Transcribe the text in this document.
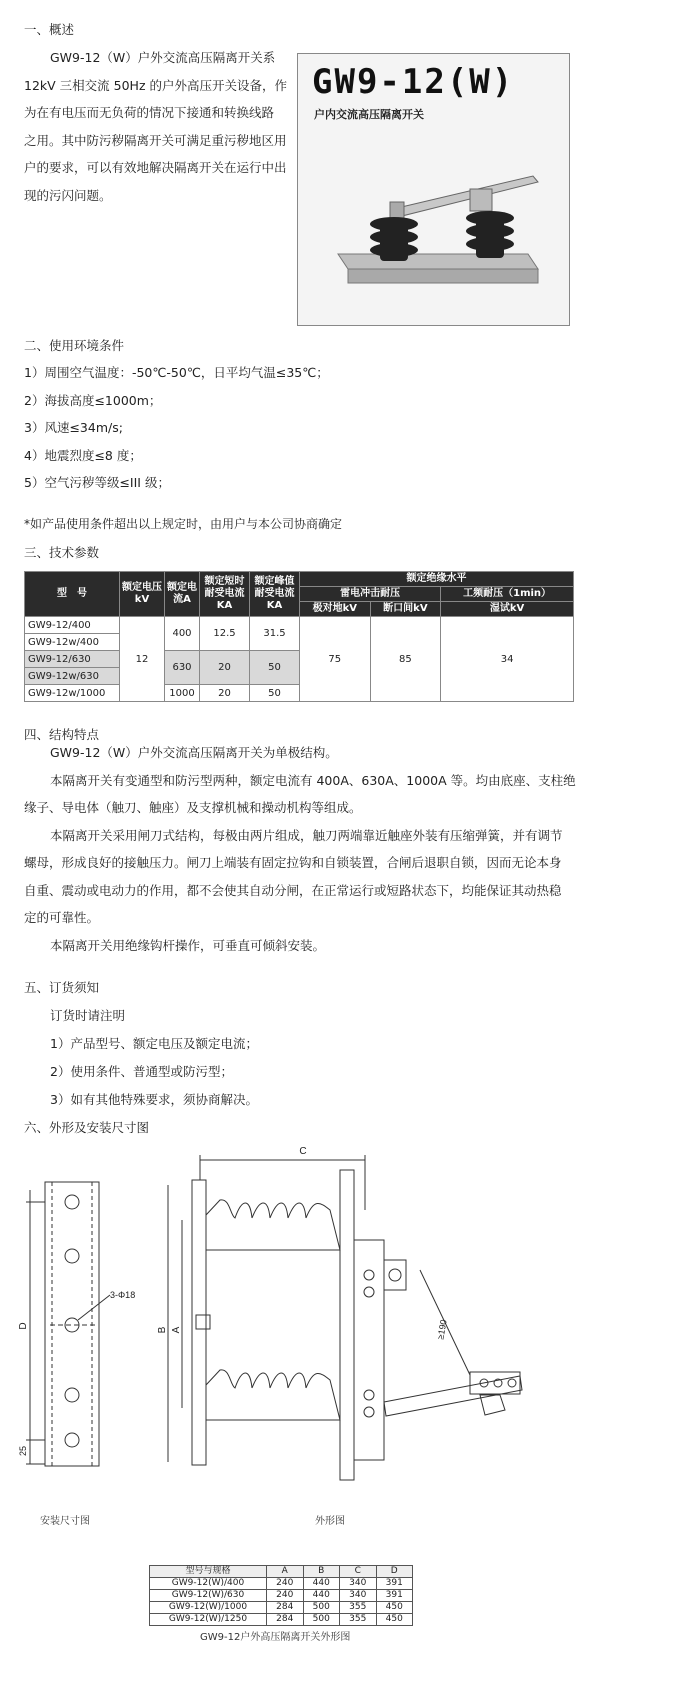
一、概述
GW9-12（W）户外交流高压隔离开关系
12kV 三相交流 50Hz 的户外高压开关设备，作
为在有电压而无负荷的情况下接通和转换线路
之用。其中防污秽隔离开关可满足重污秽地区用
户的要求，可以有效地解决隔离开关在运行中出
现的污闪问题。
GW9-12(W)
户内交流高压隔离开关
二、使用环境条件
1）周围空气温度：-50℃-50℃，日平均气温≤35℃；
2）海拔高度≤1000m；
3）风速≤34m/s;
4）地震烈度≤8 度；
5）空气污秽等级≤III 级；
*如产品使用条件超出以上规定时，由用户与本公司协商确定
三、技术参数
型　号	额定电压kV	额定电流A	额定短时耐受电流KA	额定峰值耐受电流KA	额定绝缘水平		
					雷电冲击耐压		工频耐压（1min）
					极对地kV	断口间kV	湿试kV
GW9-12/400	12	400	12.5	31.5	75	85	34
GW9-12w/400							
GW9-12/630		630	20	50			
GW9-12w/630							
GW9-12w/1000		1000	20	50			
四、结构特点
GW9-12（W）户外交流高压隔离开关为单极结构。
本隔离开关有变通型和防污型两种，额定电流有 400A、630A、1000A 等。均由底座、支柱绝
缘子、导电体（触刀、触座）及支撑机械和操动机构等组成。
本隔离开关采用闸刀式结构，每极由两片组成，触刀两端靠近触座外装有压缩弹簧，并有调节
螺母，形成良好的接触压力。闸刀上端装有固定拉钩和自锁装置，合闸后退职自锁，因而无论本身
自重、震动或电动力的作用，都不会使其自动分闸，在正常运行或短路状态下，均能保证其动热稳
定的可靠性。
本隔离开关用绝缘钩杆操作，可垂直可倾斜安装。
五、订货须知
订货时请注明
1）产品型号、额定电压及额定电流；
2）使用条件、普通型或防污型；
3）如有其他特殊要求，须协商解决。
六、外形及安装尺寸图
C
D
25
B A
3-Φ18
≥190
安装尺寸图	外形图
型号与规格	A	B	C	D
GW9-12(W)/400	240	440	340	391
GW9-12(W)/630	240	440	340	391
GW9-12(W)/1000	284	500	355	450
GW9-12(W)/1250	284	500	355	450
GW9-12户外高压隔离开关外形图
